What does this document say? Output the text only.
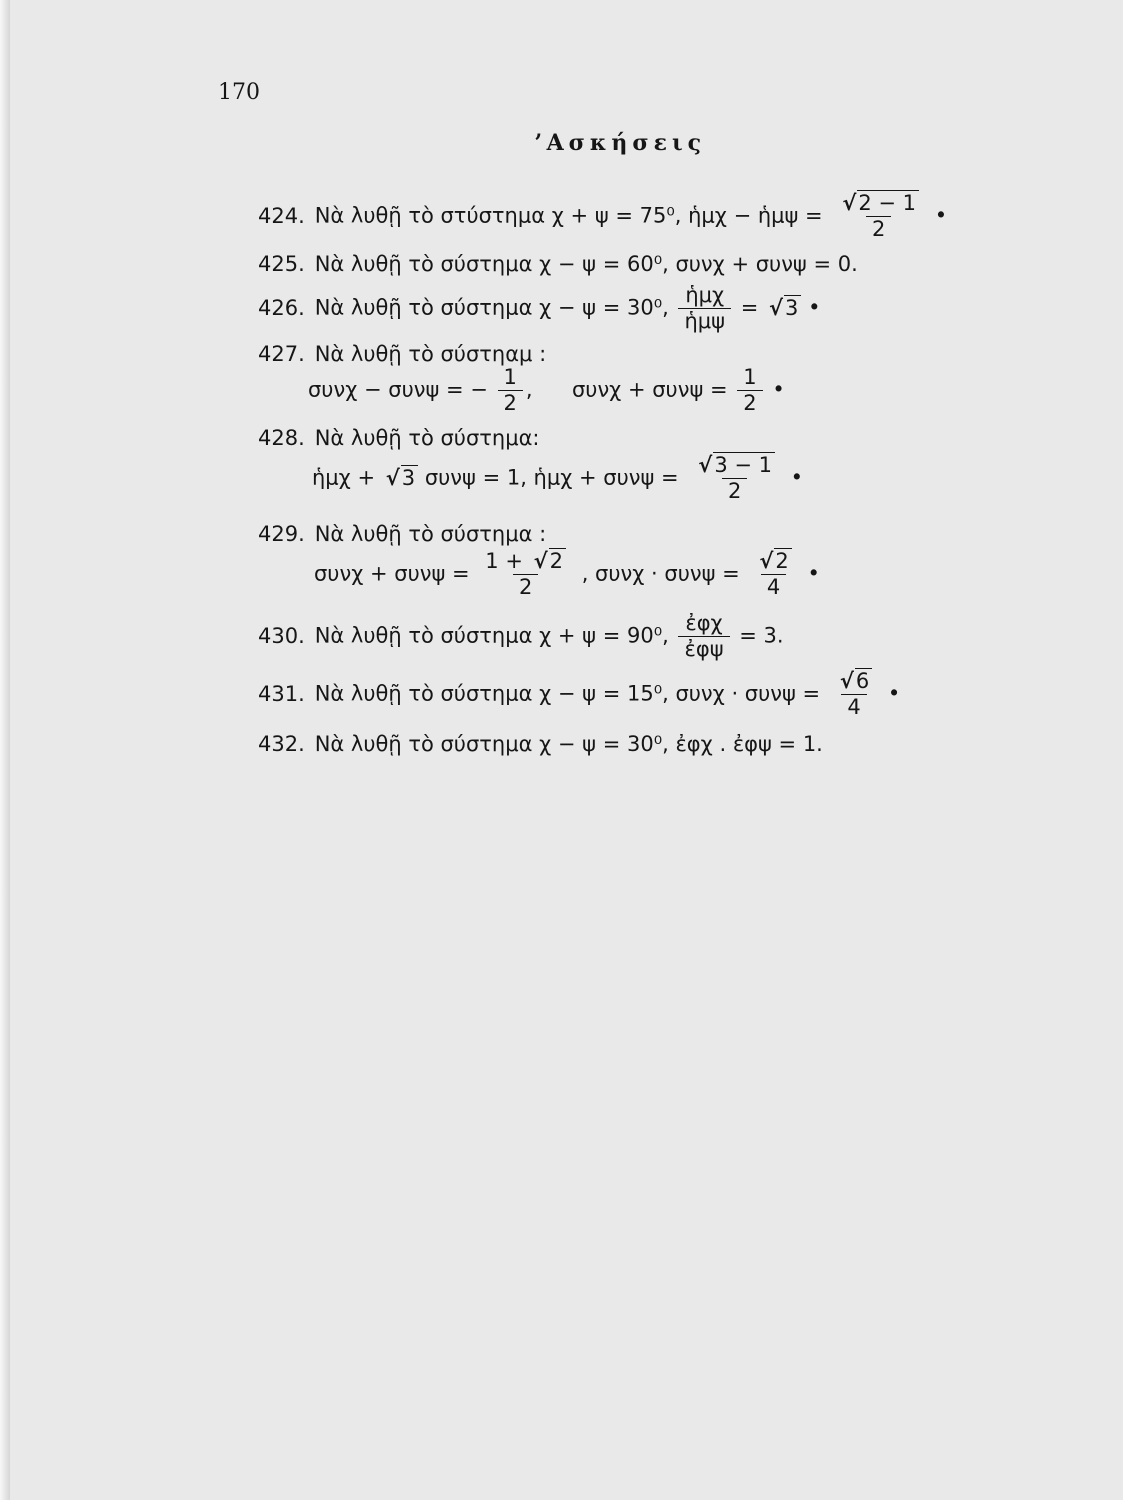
170
ʼΑσκήσεις
424. Νὰ λυθῇ τὸ στύστημα χ + ψ = 75⁰, ἡμχ − ἡμψ = $\frac{√2 - 1}{2}$ •
425. Νὰ λυθῇ τὸ σύστημα χ − ψ = 60⁰, συνχ + συνψ = 0.
426. Νὰ λυθῇ τὸ σύστημα χ − ψ = 30⁰, $\frac{\text{ἡμχ}}{\text{ἡμψ}} = √3$ •
427. Νὰ λυθῇ τὸ σύστηαμ :
συνχ − συνψ = − $\frac{1}{2}$ , $\sigma\upsilon\nu\chi + \sigma\upsilon\nu\psi = \frac{1}{2}$ •
428. Νὰ λυθῇ τὸ σύστημα:
ἡμχ + √3 συνψ = 1, ἡμχ + $\sigma\upsilon\nu\psi = \frac{√3 - 1}{2}$ •
429. Νὰ λυθῇ τὸ σύστημα :
$\sigma\upsilon\nu\chi + \sigma\upsilon\nu\psi = \frac{1 + √2}{2}$ , $\sigma\upsilon\nu\chi \cdot \sigma\upsilon\nu\psi = \frac{√2}{4}$ •
430. Νὰ λυθῇ τὸ σύστημα χ + ψ = 90⁰, $\frac{\text{ἐφχ}}{\text{ἐφψ}} = 3$.
431. Νὰ λυθῇ τὸ σύστημα χ − ψ = 15⁰, $\sigma\upsilon\nu\chi \cdot \sigma\upsilon\nu\psi = \frac{√6}{4}$ •
432. Νὰ λυθῇ τὸ σύστημα χ − ψ = 30⁰, ἐφχ . ἐφψ = 1.
